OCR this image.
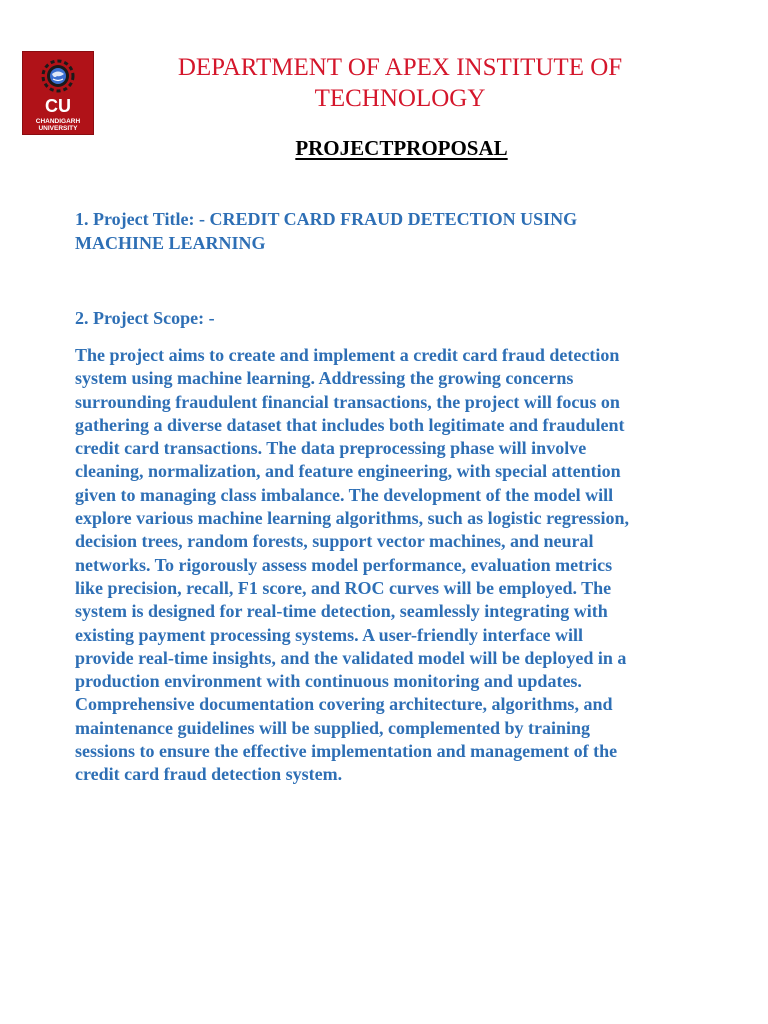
CU
CHANDIGARH
UNIVERSITY
DEPARTMENT OF APEX INSTITUTE OF
TECHNOLOGY
PROJECTPROPOSAL

1. Project Title: - CREDIT CARD FRAUD DETECTION USING
MACHINE LEARNING

2. Project Scope: -

The project aims to create and implement a credit card fraud detection
system using machine learning. Addressing the growing concerns
surrounding fraudulent financial transactions, the project will focus on
gathering a diverse dataset that includes both legitimate and fraudulent
credit card transactions. The data preprocessing phase will involve
cleaning, normalization, and feature engineering, with special attention
given to managing class imbalance. The development of the model will
explore various machine learning algorithms, such as logistic regression,
decision trees, random forests, support vector machines, and neural
networks. To rigorously assess model performance, evaluation metrics
like precision, recall, F1 score, and ROC curves will be employed. The
system is designed for real-time detection, seamlessly integrating with
existing payment processing systems. A user-friendly interface will
provide real-time insights, and the validated model will be deployed in a
production environment with continuous monitoring and updates.
Comprehensive documentation covering architecture, algorithms, and
maintenance guidelines will be supplied, complemented by training
sessions to ensure the effective implementation and management of the
credit card fraud detection system.
